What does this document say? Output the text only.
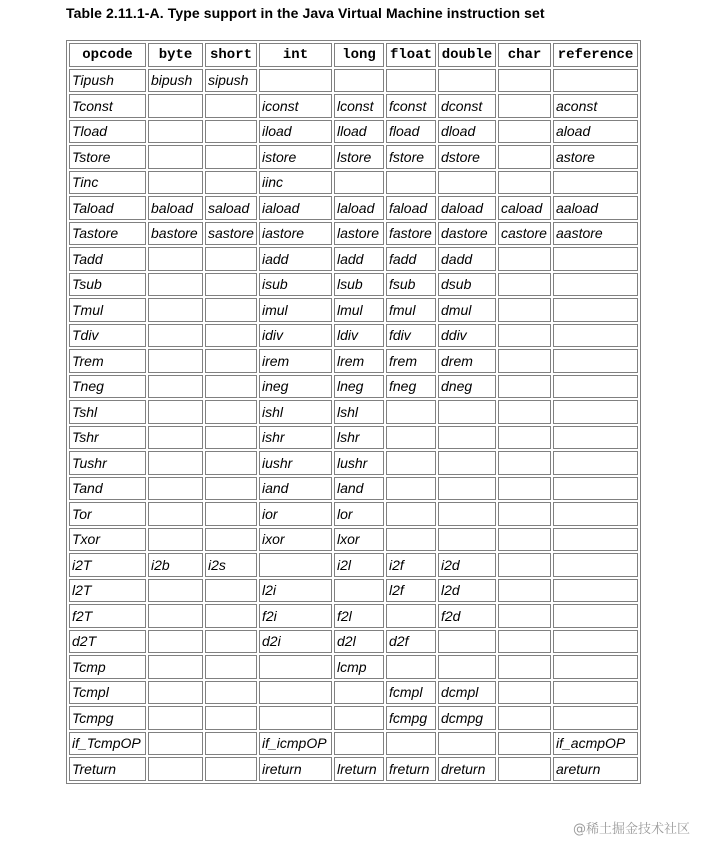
Table 2.11.1-A. Type support in the Java Virtual Machine instruction set
opcode	byte	short	int	long	float	double	char	reference
Tipush	bipush	sipush						
Tconst			iconst	lconst	fconst	dconst		aconst
Tload			iload	lload	fload	dload		aload
Tstore			istore	lstore	fstore	dstore		astore
Tinc			iinc					
Taload	baload	saload	iaload	laload	faload	daload	caload	aaload
Tastore	bastore	sastore	iastore	lastore	fastore	dastore	castore	aastore
Tadd			iadd	ladd	fadd	dadd		
Tsub			isub	lsub	fsub	dsub		
Tmul			imul	lmul	fmul	dmul		
Tdiv			idiv	ldiv	fdiv	ddiv		
Trem			irem	lrem	frem	drem		
Tneg			ineg	lneg	fneg	dneg		
Tshl			ishl	lshl				
Tshr			ishr	lshr				
Tushr			iushr	lushr				
Tand			iand	land				
Tor			ior	lor				
Txor			ixor	lxor				
i2T	i2b	i2s		i2l	i2f	i2d		
l2T			l2i		l2f	l2d		
f2T			f2i	f2l		f2d		
d2T			d2i	d2l	d2f			
Tcmp				lcmp				
Tcmpl					fcmpl	dcmpl		
Tcmpg					fcmpg	dcmpg		
if_TcmpOP			if_icmpOP					if_acmpOP
Treturn			ireturn	lreturn	freturn	dreturn		areturn
@稀土掘金技术社区
